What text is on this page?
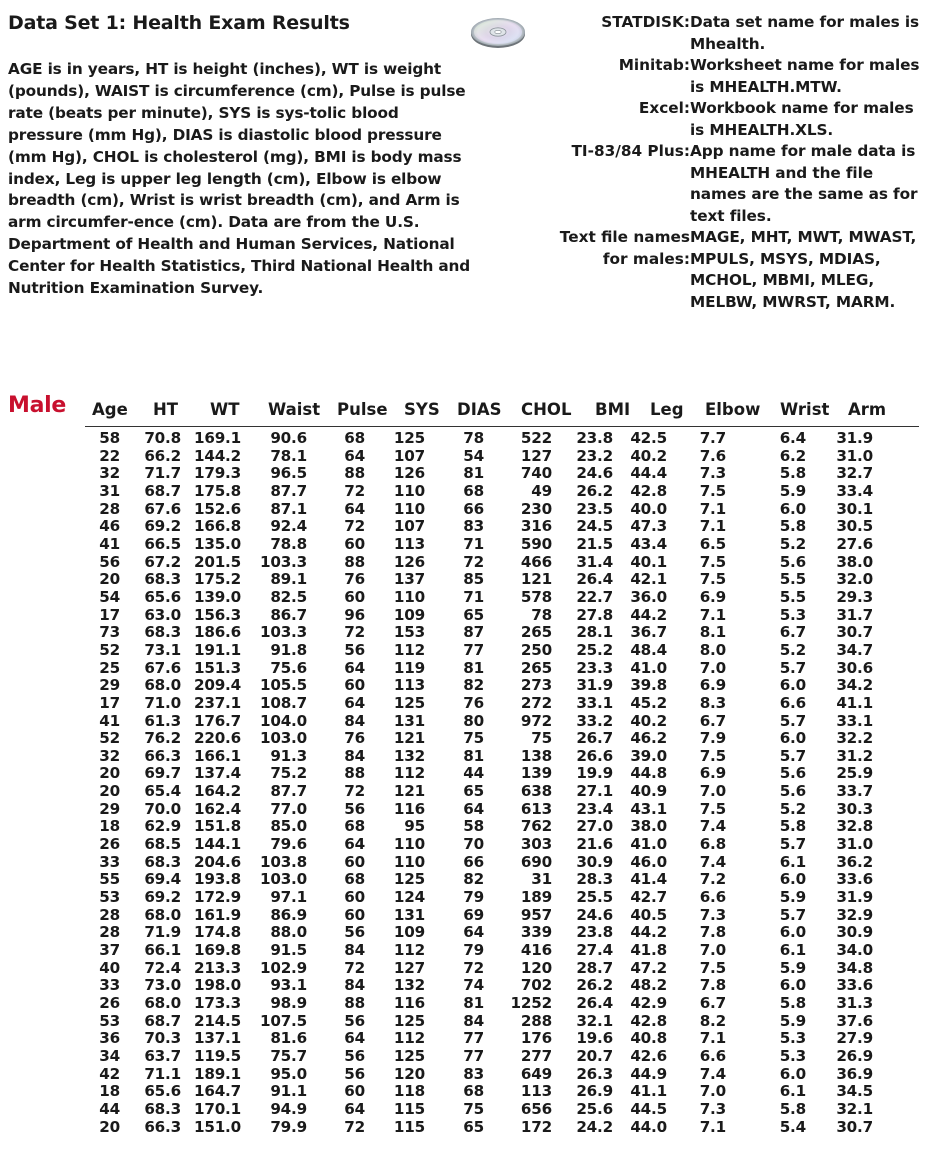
Data Set 1: Health Exam Results
AGE is in years, HT is height (inches), WT is weight (pounds), WAIST is circumference (cm), Pulse is pulse rate (beats per minute), SYS is sys-tolic blood pressure (mm Hg), DIAS is diastolic blood pressure (mm Hg), CHOL is cholesterol (mg), BMI is body mass index, Leg is upper leg length (cm), Elbow is elbow breadth (cm), Wrist is wrist breadth (cm), and Arm is arm circumfer-ence (cm). Data are from the U.S. Department of Health and Human Services, National Center for Health Statistics, Third National Health and Nutrition Examination Survey.
STATDISK: Data set name for males is Mhealth.
Minitab: Worksheet name for males is MHEALTH.MTW.
Excel: Workbook name for males is MHEALTH.XLS.
TI-83/84 Plus: App name for male data is MHEALTH and the file names are the same as for text files.
Text file names for males:
MAGE, MHT, MWT, MWAST, MPULS, MSYS, MDIAS, MCHOL, MBMI, MLEG, MELBW, MWRST, MARM.
Male Age HT WT Waist Pulse SYS DIAS CHOL BMI Leg Elbow Wrist Arm
58	70.8	169.1	90.6	68	125	78	522	23.8	42.5	7.7	6.4	31.9
22	66.2	144.2	78.1	64	107	54	127	23.2	40.2	7.6	6.2	31.0
32	71.7	179.3	96.5	88	126	81	740	24.6	44.4	7.3	5.8	32.7
31	68.7	175.8	87.7	72	110	68	49	26.2	42.8	7.5	5.9	33.4
28	67.6	152.6	87.1	64	110	66	230	23.5	40.0	7.1	6.0	30.1
46	69.2	166.8	92.4	72	107	83	316	24.5	47.3	7.1	5.8	30.5
41	66.5	135.0	78.8	60	113	71	590	21.5	43.4	6.5	5.2	27.6
56	67.2	201.5	103.3	88	126	72	466	31.4	40.1	7.5	5.6	38.0
20	68.3	175.2	89.1	76	137	85	121	26.4	42.1	7.5	5.5	32.0
54	65.6	139.0	82.5	60	110	71	578	22.7	36.0	6.9	5.5	29.3
17	63.0	156.3	86.7	96	109	65	78	27.8	44.2	7.1	5.3	31.7
73	68.3	186.6	103.3	72	153	87	265	28.1	36.7	8.1	6.7	30.7
52	73.1	191.1	91.8	56	112	77	250	25.2	48.4	8.0	5.2	34.7
25	67.6	151.3	75.6	64	119	81	265	23.3	41.0	7.0	5.7	30.6
29	68.0	209.4	105.5	60	113	82	273	31.9	39.8	6.9	6.0	34.2
17	71.0	237.1	108.7	64	125	76	272	33.1	45.2	8.3	6.6	41.1
41	61.3	176.7	104.0	84	131	80	972	33.2	40.2	6.7	5.7	33.1
52	76.2	220.6	103.0	76	121	75	75	26.7	46.2	7.9	6.0	32.2
32	66.3	166.1	91.3	84	132	81	138	26.6	39.0	7.5	5.7	31.2
20	69.7	137.4	75.2	88	112	44	139	19.9	44.8	6.9	5.6	25.9
20	65.4	164.2	87.7	72	121	65	638	27.1	40.9	7.0	5.6	33.7
29	70.0	162.4	77.0	56	116	64	613	23.4	43.1	7.5	5.2	30.3
18	62.9	151.8	85.0	68	95	58	762	27.0	38.0	7.4	5.8	32.8
26	68.5	144.1	79.6	64	110	70	303	21.6	41.0	6.8	5.7	31.0
33	68.3	204.6	103.8	60	110	66	690	30.9	46.0	7.4	6.1	36.2
55	69.4	193.8	103.0	68	125	82	31	28.3	41.4	7.2	6.0	33.6
53	69.2	172.9	97.1	60	124	79	189	25.5	42.7	6.6	5.9	31.9
28	68.0	161.9	86.9	60	131	69	957	24.6	40.5	7.3	5.7	32.9
28	71.9	174.8	88.0	56	109	64	339	23.8	44.2	7.8	6.0	30.9
37	66.1	169.8	91.5	84	112	79	416	27.4	41.8	7.0	6.1	34.0
40	72.4	213.3	102.9	72	127	72	120	28.7	47.2	7.5	5.9	34.8
33	73.0	198.0	93.1	84	132	74	702	26.2	48.2	7.8	6.0	33.6
26	68.0	173.3	98.9	88	116	81	1252	26.4	42.9	6.7	5.8	31.3
53	68.7	214.5	107.5	56	125	84	288	32.1	42.8	8.2	5.9	37.6
36	70.3	137.1	81.6	64	112	77	176	19.6	40.8	7.1	5.3	27.9
34	63.7	119.5	75.7	56	125	77	277	20.7	42.6	6.6	5.3	26.9
42	71.1	189.1	95.0	56	120	83	649	26.3	44.9	7.4	6.0	36.9
18	65.6	164.7	91.1	60	118	68	113	26.9	41.1	7.0	6.1	34.5
44	68.3	170.1	94.9	64	115	75	656	25.6	44.5	7.3	5.8	32.1
20	66.3	151.0	79.9	72	115	65	172	24.2	44.0	7.1	5.4	30.7
